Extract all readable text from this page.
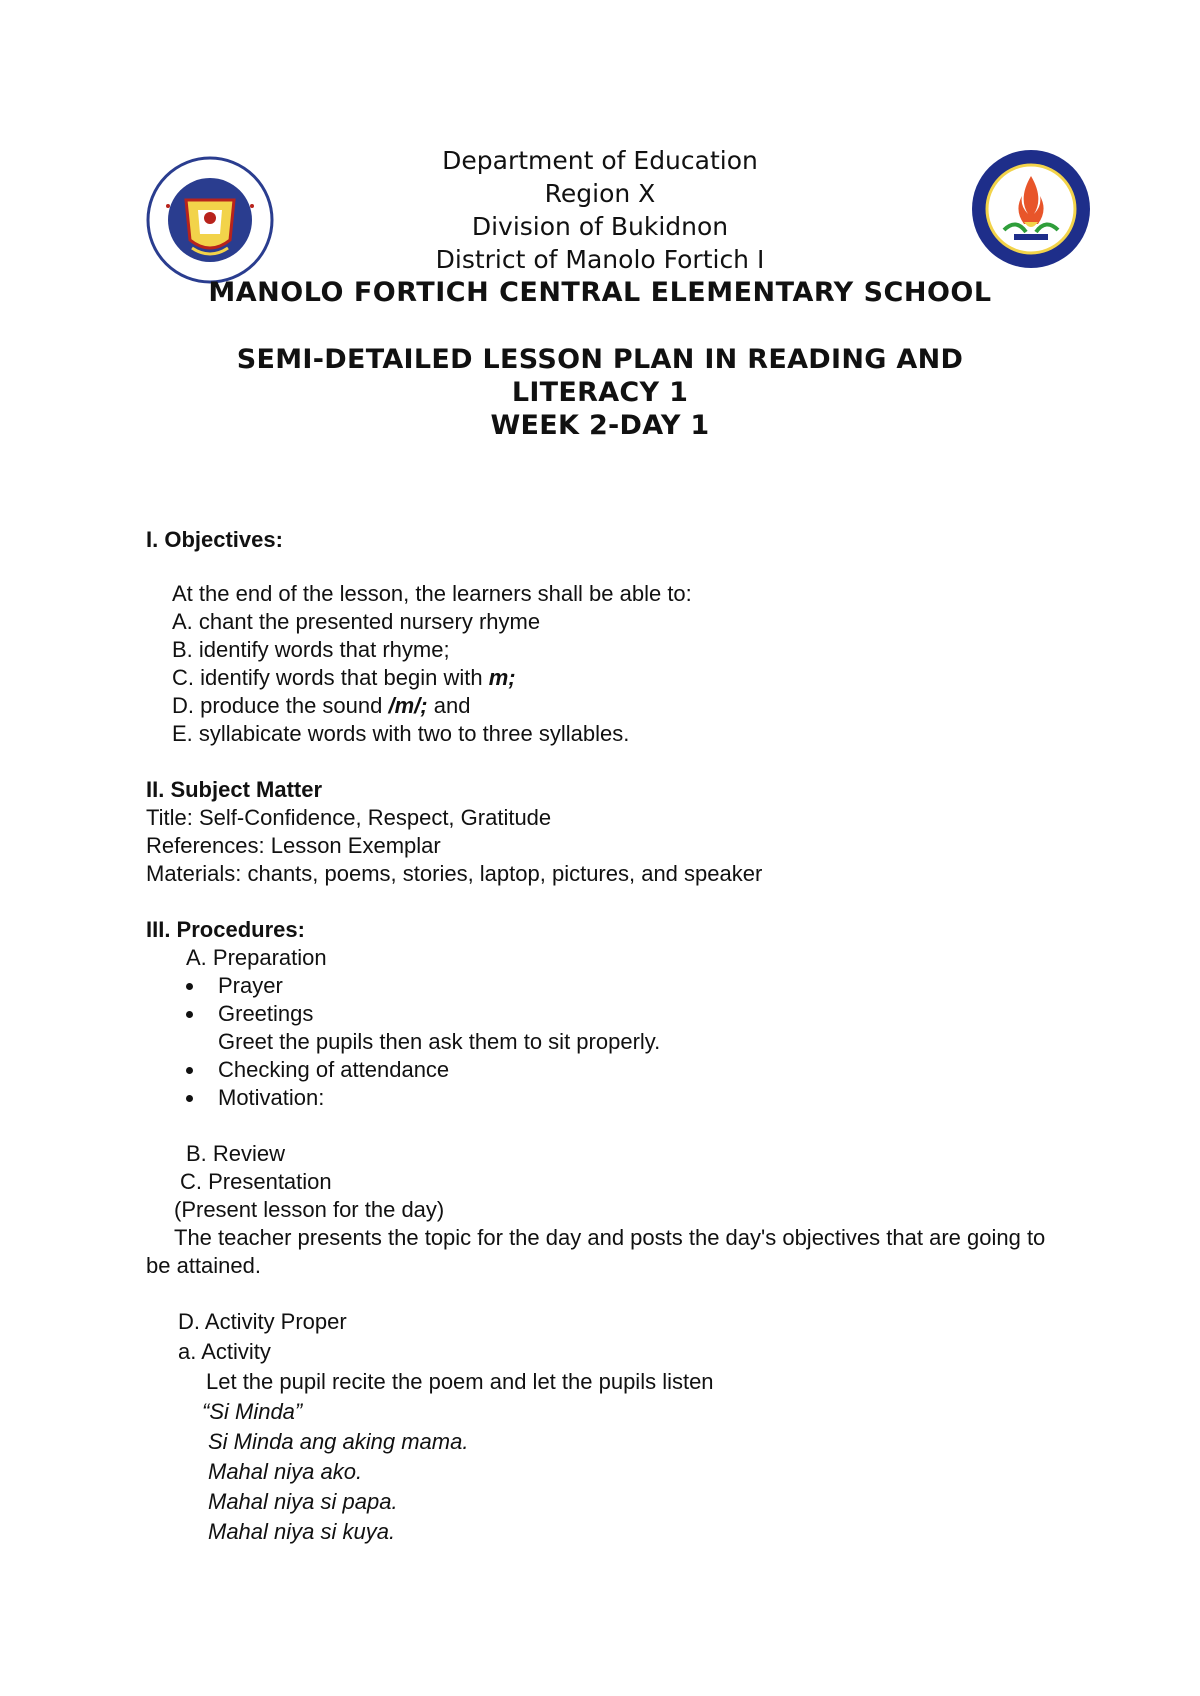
Department of Education
Region X
Division of Bukidnon
District of Manolo Fortich I
MANOLO FORTICH CENTRAL ELEMENTARY SCHOOL
SEMI-DETAILED LESSON PLAN IN READING AND
LITERACY 1
WEEK 2-DAY 1
I. Objectives:
At the end of the lesson, the learners shall be able to:
A. chant the presented nursery rhyme
B. identify words that rhyme;
C. identify words that begin with m;
D. produce the sound /m/; and
E. syllabicate words with two to three syllables.
II. Subject Matter
Title: Self-Confidence, Respect, Gratitude
References: Lesson Exemplar
Materials: chants, poems, stories, laptop, pictures, and speaker
III. Procedures:
A. Preparation
Prayer
Greetings
Greet the pupils then ask them to sit properly.
Checking of attendance
Motivation:
B. Review
C. Presentation
(Present lesson for the day)
The teacher presents the topic for the day and posts the day's objectives that are going to be attained.
D. Activity Proper
a. Activity
Let the pupil recite the poem and let the pupils listen
“Si Minda”
Si Minda ang aking mama.
Mahal niya ako.
Mahal niya si papa.
Mahal niya si kuya.
